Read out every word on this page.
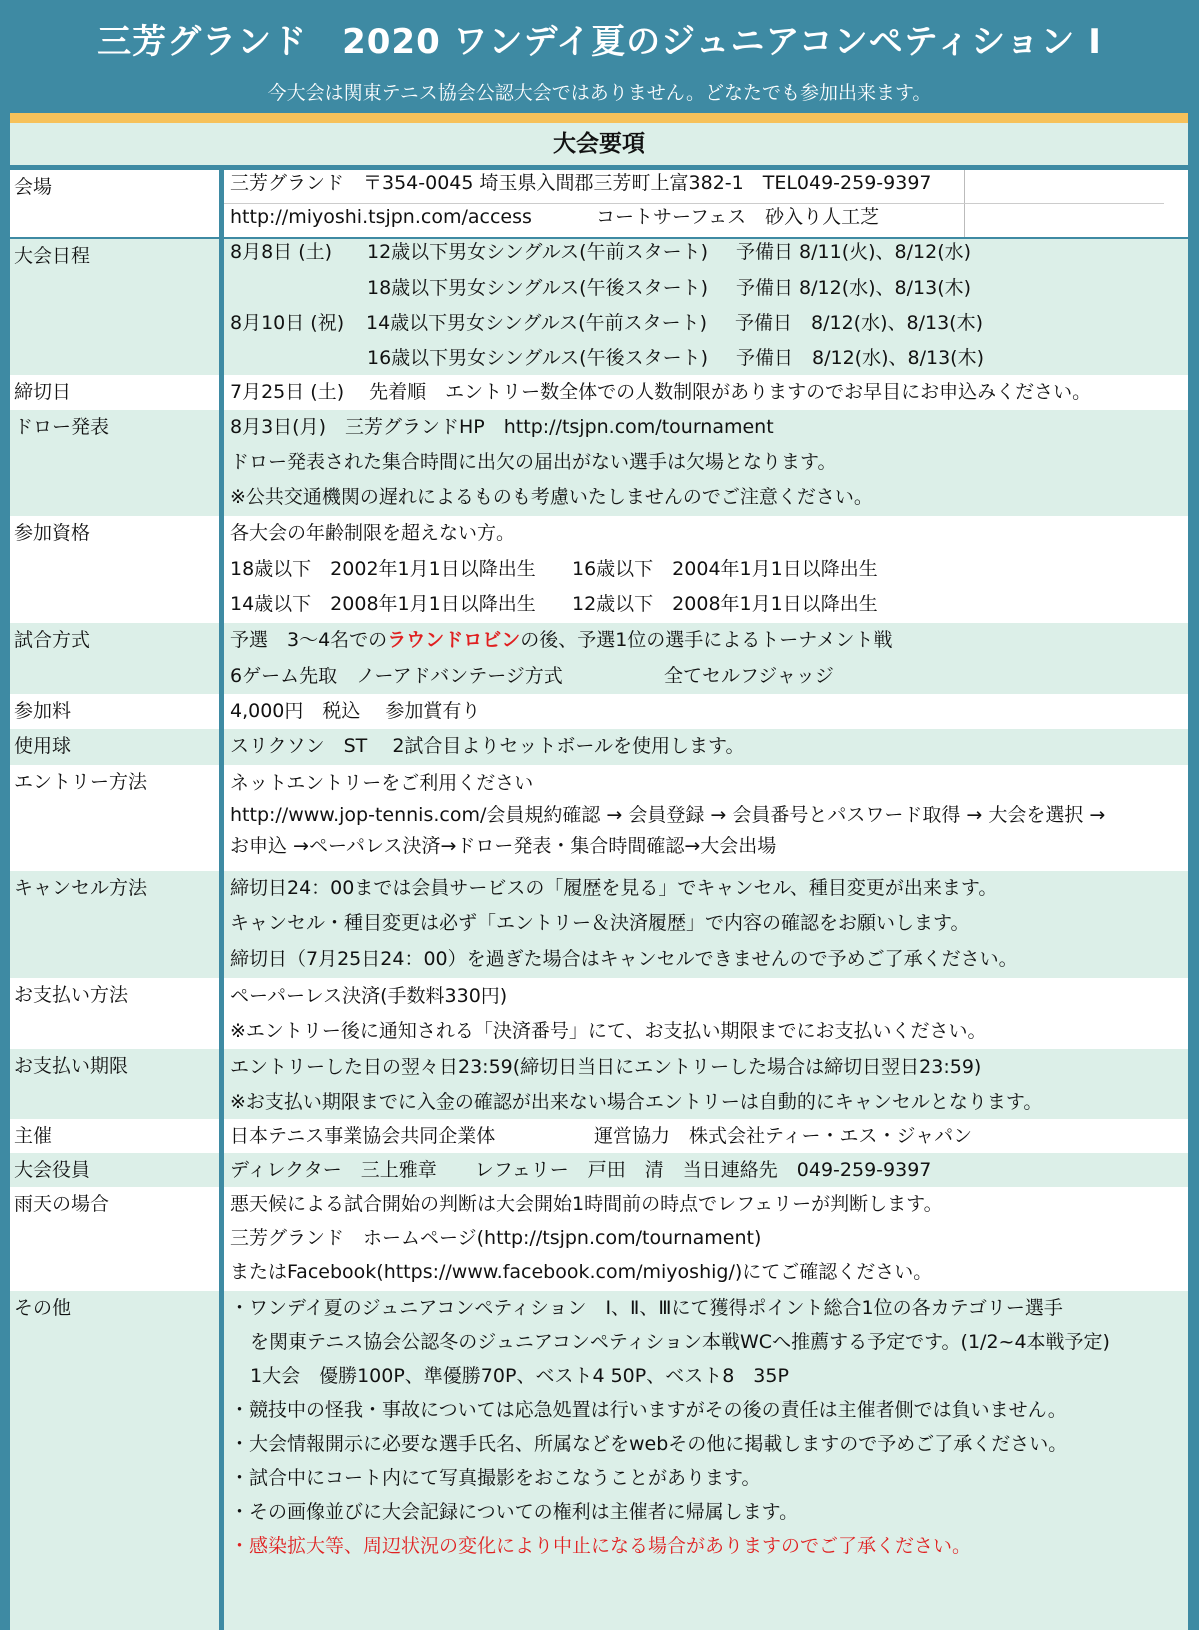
三芳グランド　2020 ワンデイ夏のジュニアコンペティション Ⅰ
今大会は関東テニス協会公認大会ではありません。どなたでも参加出来ます。
大会要項
会場	三芳グランド　〒354-0045 埼玉県入間郡三芳町上富382-1　TEL049-259-9397
http://miyoshi.tsjpn.com/access	コートサーフェス　砂入り人工芝
大会日程	8月8日 (土) 12歳以下男女シングルス(午前スタート) 予備日 8/11(火)、8/12(水)
18歳以下男女シングルス(午後スタート) 予備日 8/12(水)、8/13(木)
8月10日 (祝) 14歳以下男女シングルス(午前スタート) 予備日　8/12(水)、8/13(木)
16歳以下男女シングルス(午後スタート) 予備日　8/12(水)、8/13(木)
締切日	7月25日 (土)　 先着順　エントリー数全体での人数制限がありますのでお早目にお申込みください。
ドロー発表	8月3日(月)　三芳グランドHP　http://tsjpn.com/tournament
ドロー発表された集合時間に出欠の届出がない選手は欠場となります。
※公共交通機関の遅れによるものも考慮いたしませんのでご注意ください。
参加資格	各大会の年齢制限を超えない方。
18歳以下　2002年1月1日以降出生 16歳以下　2004年1月1日以降出生
14歳以下　2008年1月1日以降出生 12歳以下　2008年1月1日以降出生
試合方式	予選　3～4名でのラウンドロビンの後、予選1位の選手によるトーナメント戦
6ゲーム先取　ノーアドバンテージ方式	全てセルフジャッジ
参加料	4,000円　税込　 参加賞有り
使用球	スリクソン　ST　 2試合目よりセットボールを使用します。
エントリー方法	ネットエントリーをご利用ください
http://www.jop-tennis.com/会員規約確認 → 会員登録 → 会員番号とパスワード取得 → 大会を選択 →
お申込 →ペーパレス決済→ドロー発表・集合時間確認→大会出場
キャンセル方法	締切日24：00までは会員サービスの「履歴を見る」でキャンセル、種目変更が出来ます。
キャンセル・種目変更は必ず「エントリー＆決済履歴」で内容の確認をお願いします。
締切日（7月25日24：00）を過ぎた場合はキャンセルできませんので予めご了承ください。
お支払い方法	ペーパーレス決済(手数料330円)
※エントリー後に通知される「決済番号」にて、お支払い期限までにお支払いください。
お支払い期限	エントリーした日の翌々日23:59(締切日当日にエントリーした場合は締切日翌日23:59)
※お支払い期限までに入金の確認が出来ない場合エントリーは自動的にキャンセルとなります。
主催	日本テニス事業協会共同企業体	運営協力　株式会社ティー・エス・ジャパン
大会役員	ディレクター　三上雅章　　レフェリー　戸田　清　当日連絡先　049-259-9397
雨天の場合	悪天候による試合開始の判断は大会開始1時間前の時点でレフェリーが判断します。
三芳グランド　ホームページ(http://tsjpn.com/tournament)
またはFacebook(https://www.facebook.com/miyoshig/)にてご確認ください。
その他	・ワンデイ夏のジュニアコンペティション　Ⅰ、Ⅱ、Ⅲにて獲得ポイント総合1位の各カテゴリー選手
を関東テニス協会公認冬のジュニアコンペティション本戦WCへ推薦する予定です。(1/2~4本戦予定)
1大会　優勝100P、準優勝70P、ベスト4 50P、ベスト8　35P
・競技中の怪我・事故については応急処置は行いますがその後の責任は主催者側では負いません。
・大会情報開示に必要な選手氏名、所属などをwebその他に掲載しますので予めご了承ください。
・試合中にコート内にて写真撮影をおこなうことがあります。
・その画像並びに大会記録についての権利は主催者に帰属します。
・感染拡大等、周辺状況の変化により中止になる場合がありますのでご了承ください。
